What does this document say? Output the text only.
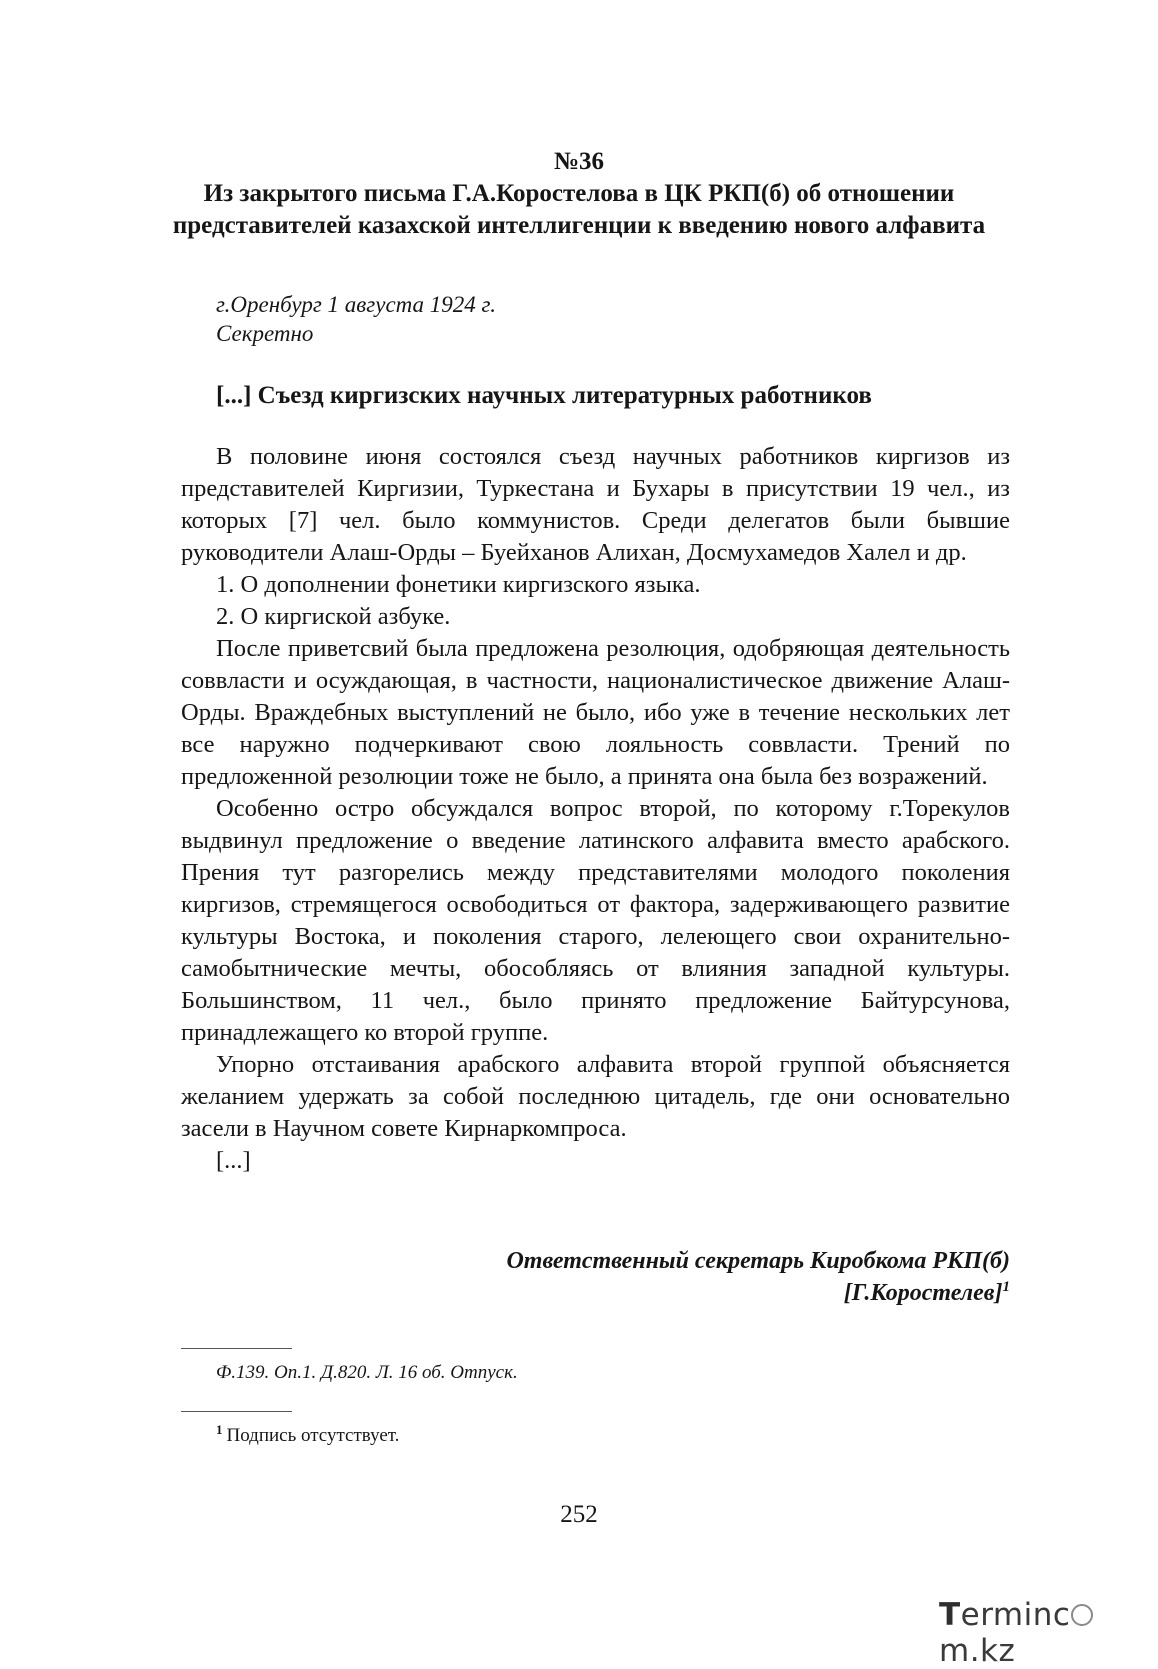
№36
Из закрытого письма Г.А.Коростелова в ЦК РКП(б) об отношении представителей казахской интеллигенции к введению нового алфавита
г.Оренбург 1 августа 1924 г.
Секретно
[...] Съезд киргизских научных литературных работников

В половине июня состоялся съезд научных работников киргизов из представителей Киргизии, Туркестана и Бухары в присутствии 19 чел., из которых [7] чел. было коммунистов. Среди делегатов были бывшие руководители Алаш-Орды – Буейханов Алихан, Досмухамедов Халел и др.

1. О дополнении фонетики киргизского языка.

2. О киргиской азбуке.

После приветсвий была предложена резолюция, одобряющая деятельность соввласти и осуждающая, в частности, националистическое движение Алаш-Орды. Враждебных выступлений не было, ибо уже в течение нескольких лет все наружно подчеркивают свою лояльность соввласти. Трений по предложенной резолюции тоже не было, а принята она была без возражений.

Особенно остро обсуждался вопрос второй, по которому г.Торекулов выдвинул предложение о введение латинского алфавита вместо арабского. Прения тут разгорелись между представителями молодого поколения киргизов, стремящегося освободиться от фактора, задерживающего развитие культуры Востока, и поколения старого, лелеющего свои охранительно-самобытнические мечты, обособляясь от влияния западной культуры. Большинством, 11 чел., было принято предложение Байтурсунова, принадлежащего ко второй группе.

Упорно отстаивания арабского алфавита второй группой объясняется желанием удержать за собой последнюю цитадель, где они основательно засели в Научном совете Кирнаркомпроса.

[...]

Ответственный секретарь Киробкома РКП(б)
[Г.Коростелев]$^1$
Ф.139. Оп.1. Д.820. Л. 16 об. Отпуск.
$^1$ Подпись отсутствует.
252
Termincm.kz
